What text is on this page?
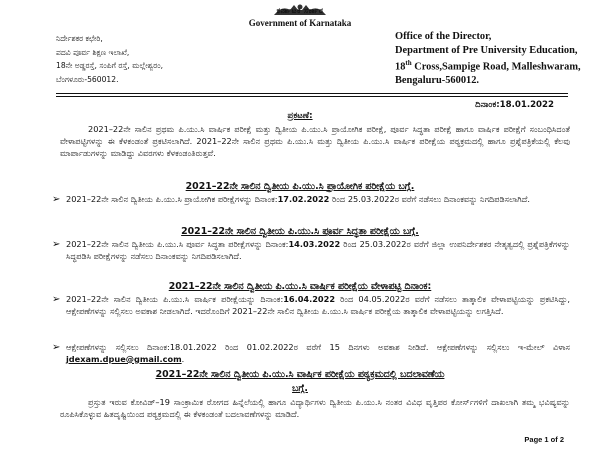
ಕರ್ನಾಟಕ ಸರ್ಕಾರ
Government of Karnataka
ನಿರ್ದೇಶಕರ ಕಛೇರಿ,
ಪದವಿ ಪೂರ್ವ ಶಿಕ್ಷಣ ಇಲಾಖೆ,
18ನೇ ಅಡ್ಡರಸ್ತೆ, ಸಂಪಿಗೆ ರಸ್ತೆ, ಮಲ್ಲೇಶ್ವರಂ,
ಬೆಂಗಳೂರು-560012.
Office of the Director,
Department of Pre University Education,
18th Cross,Sampige Road, Malleshwaram,
Bengaluru-560012.
ದಿನಾಂಕ:18.01.2022
ಪ್ರಕಟಣೆ:
2021–22ನೇ ಸಾಲಿನ ಪ್ರಥಮ ಪಿ.ಯು.ಸಿ ವಾರ್ಷಿಕ ಪರೀಕ್ಷೆ ಮತ್ತು ದ್ವಿತೀಯ ಪಿ.ಯು.ಸಿ ಪ್ರಾಯೋಗಿಕ ಪರೀಕ್ಷೆ, ಪೂರ್ವ ಸಿದ್ಧತಾ ಪರೀಕ್ಷೆ ಹಾಗೂ ವಾರ್ಷಿಕ ಪರೀಕ್ಷೆಗೆ ಸಂಬಂಧಿಸಿದಂತೆ ವೇಳಾಪಟ್ಟಿಗಳನ್ನು ಈ ಕೆಳಕಂಡಂತೆ ಪ್ರಕಟಿಸಲಾಗಿದೆ. 2021–22ನೇ ಸಾಲಿನ ಪ್ರಥಮ ಪಿ.ಯು.ಸಿ ಮತ್ತು ದ್ವಿತೀಯ ಪಿ.ಯು.ಸಿ ವಾರ್ಷಿಕ ಪರೀಕ್ಷೆಯ ಪಠ್ಯಕ್ರಮದಲ್ಲಿ ಹಾಗೂ ಪ್ರಶ್ನೆಪತ್ರಿಕೆಯಲ್ಲಿ ಕೆಲವು ಮಾರ್ಪಾಡುಗಳನ್ನು ಮಾಡಿದ್ದು ವಿವರಗಳು ಕೆಳಕಂಡಂತಿರುತ್ತವೆ.
2021–22ನೇ ಸಾಲಿನ ದ್ವಿತೀಯ ಪಿ.ಯು.ಸಿ ಪ್ರಾಯೋಗಿಕ ಪರೀಕ್ಷೆಯ ಬಗ್ಗೆ.
➢ 2021–22ನೇ ಸಾಲಿನ ದ್ವಿತೀಯ ಪಿ.ಯು.ಸಿ ಪ್ರಾಯೋಗಿಕ ಪರೀಕ್ಷೆಗಳನ್ನು ದಿನಾಂಕ:17.02.2022 ರಿಂದ 25.03.2022ರ ವರೆಗೆ ನಡೆಸಲು ದಿನಾಂಕವನ್ನು ನಿಗದಿಪಡಿಸಲಾಗಿದೆ.
2021–22ನೇ ಸಾಲಿನ ದ್ವಿತೀಯ ಪಿ.ಯು.ಸಿ ಪೂರ್ವ ಸಿದ್ಧತಾ ಪರೀಕ್ಷೆಯ ಬಗ್ಗೆ.
➢ 2021–22ನೇ ಸಾಲಿನ ದ್ವಿತೀಯ ಪಿ.ಯು.ಸಿ ಪೂರ್ವ ಸಿದ್ಧತಾ ಪರೀಕ್ಷೆಗಳನ್ನು ದಿನಾಂಕ:14.03.2022 ರಿಂದ 25.03.2022ರ ವರೆಗೆ ಜಿಲ್ಲಾ ಉಪನಿರ್ದೇಶಕರ ನೇತೃತ್ವದಲ್ಲಿ ಪ್ರಶ್ನೆಪತ್ರಿಕೆಗಳನ್ನು ಸಿದ್ಧಪಡಿಸಿ ಪರೀಕ್ಷೆಗಳನ್ನು ನಡೆಸಲು ದಿನಾಂಕವನ್ನು ನಿಗದಿಪಡಿಸಲಾಗಿದೆ.
2021–22ನೇ ಸಾಲಿನ ದ್ವಿತೀಯ ಪಿ.ಯು.ಸಿ ವಾರ್ಷಿಕ ಪರೀಕ್ಷೆಯ ವೇಳಾಪಟ್ಟಿ ದಿನಾಂಕ:
➢ 2021–22ನೇ ಸಾಲಿನ ದ್ವಿತೀಯ ಪಿ.ಯು.ಸಿ ವಾರ್ಷಿಕ ಪರೀಕ್ಷೆಯನ್ನು ದಿನಾಂಕ:16.04.2022 ರಿಂದ 04.05.2022ರ ವರೆಗೆ ನಡೆಸಲು ತಾತ್ಕಾಲಿಕ ವೇಳಾಪಟ್ಟಿಯನ್ನು ಪ್ರಕಟಿಸಿದ್ದು, ಆಕ್ಷೇಪಣೆಗಳನ್ನು ಸಲ್ಲಿಸಲು ಅವಕಾಶ ನೀಡಲಾಗಿದೆ. ಇದರೊಂದಿಗೆ 2021–22ನೇ ಸಾಲಿನ ದ್ವಿತೀಯ ಪಿ.ಯು.ಸಿ ವಾರ್ಷಿಕ ಪರೀಕ್ಷೆಯ ತಾತ್ಕಾಲಿಕ ವೇಳಾಪಟ್ಟಿಯನ್ನು ಲಗತ್ತಿಸಿದೆ.
➢ ಆಕ್ಷೇಪಣೆಗಳನ್ನು ಸಲ್ಲಿಸಲು ದಿನಾಂಕ:18.01.2022 ರಿಂದ 01.02.2022ರ ವರೆಗೆ 15 ದಿನಗಳು ಅವಕಾಶ ನೀಡಿದೆ. ಆಕ್ಷೇಪಣೆಗಳನ್ನು ಸಲ್ಲಿಸಲು ಇ-ಮೇಲ್ ವಿಳಾಸ jdexam.dpue@gmail.com.
2021–22ನೇ ಸಾಲಿನ ದ್ವಿತೀಯ ಪಿ.ಯು.ಸಿ ವಾರ್ಷಿಕ ಪರೀಕ್ಷೆಯ ಪಠ್ಯಕ್ರಮದಲ್ಲಿ ಬದಲಾವಣೆಯ
ಬಗ್ಗೆ.
ಪ್ರಸ್ತುತ ಇರುವ ಕೋವಿಡ್–19 ಸಾಂಕ್ರಾಮಿಕ ರೋಗದ ಹಿನ್ನೆಲೆಯಲ್ಲಿ ಹಾಗೂ ವಿದ್ಯಾರ್ಥಿಗಳು ದ್ವಿತೀಯ ಪಿ.ಯು.ಸಿ ನಂತರ ವಿವಿಧ ವೃತ್ತಿಪರ ಕೋರ್ಸ್‌ಗಳಿಗೆ ದಾಖಲಾಗಿ ತಮ್ಮ ಭವಿಷ್ಯವನ್ನು ರೂಪಿಸಿಕೊಳ್ಳುವ ಹಿತದೃಷ್ಟಿಯಿಂದ ಪಠ್ಯಕ್ರಮದಲ್ಲಿ ಈ ಕೆಳಕಂಡಂತೆ ಬದಲಾವಣೆಗಳನ್ನು ಮಾಡಿದೆ.
Page 1 of 2
